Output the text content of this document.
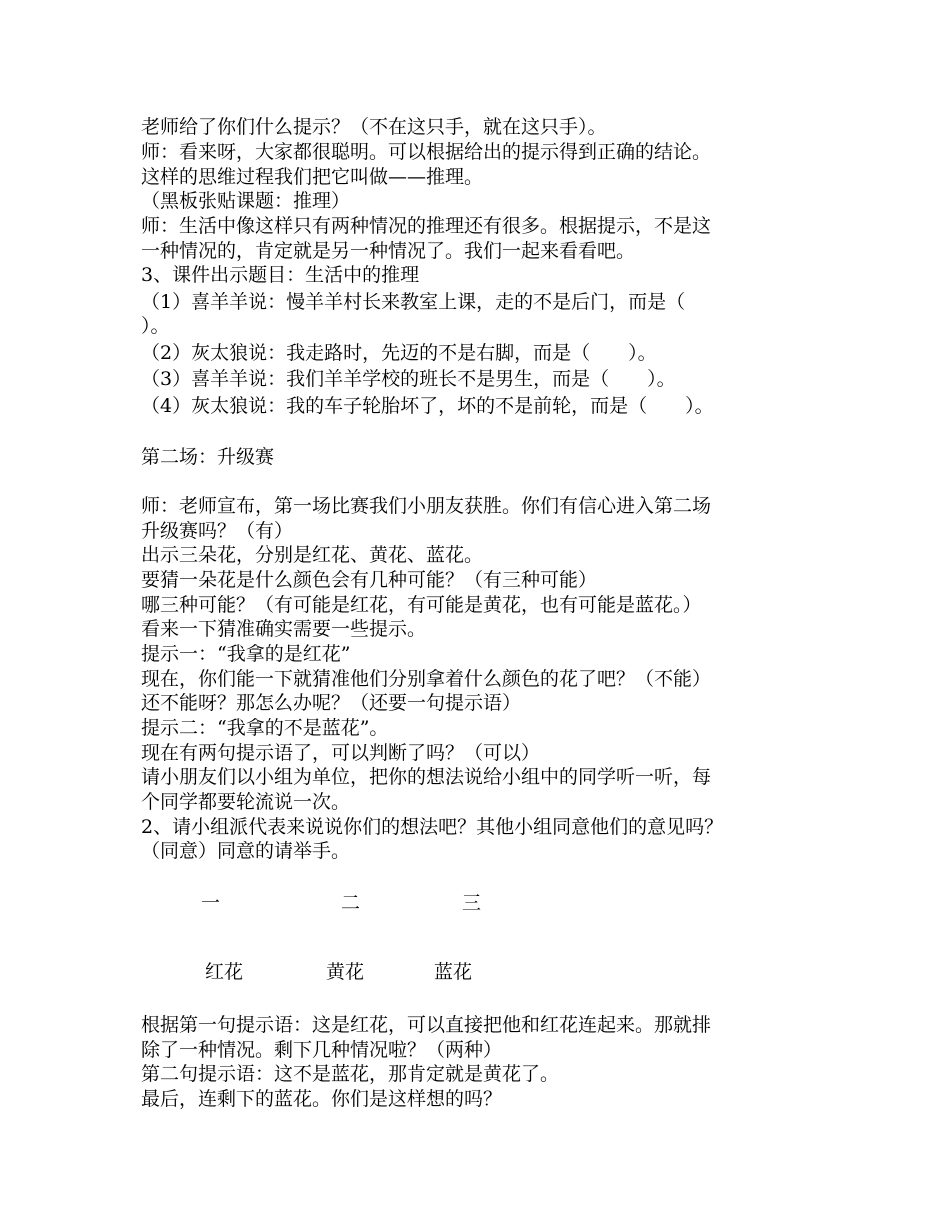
老师给了你们什么提示？（不在这只手，就在这只手）。
师：看来呀，大家都很聪明。可以根据给出的提示得到正确的结论。
这样的思维过程我们把它叫做——推理。
（黑板张贴课题：推理）
师：生活中像这样只有两种情况的推理还有很多。根据提示，不是这
一种情况的，肯定就是另一种情况了。我们一起来看看吧。
3、课件出示题目：生活中的推理
（1）喜羊羊说：慢羊羊村长来教室上课，走的不是后门，而是（
）。
（2）灰太狼说：我走路时，先迈的不是右脚，而是（　　）。
（3）喜羊羊说：我们羊羊学校的班长不是男生，而是（　　）。
（4）灰太狼说：我的车子轮胎坏了，坏的不是前轮，而是（　　）。
第二场：升级赛
师：老师宣布，第一场比赛我们小朋友获胜。你们有信心进入第二场
升级赛吗？（有）
出示三朵花，分别是红花、黄花、蓝花。
要猜一朵花是什么颜色会有几种可能？（有三种可能）
哪三种可能？（有可能是红花，有可能是黄花，也有可能是蓝花。）
看来一下猜准确实需要一些提示。
提示一：“我拿的是红花”
现在，你们能一下就猜准他们分别拿着什么颜色的花了吧？（不能）
还不能呀？那怎么办呢？（还要一句提示语）
提示二：“我拿的不是蓝花”。
现在有两句提示语了，可以判断了吗？（可以）
请小朋友们以小组为单位，把你的想法说给小组中的同学听一听，每
个同学都要轮流说一次。
2、请小组派代表来说说你们的想法吧？其他小组同意他们的意见吗？
（同意）同意的请举手。
一	二	三
红花	黄花	蓝花
根据第一句提示语：这是红花，可以直接把他和红花连起来。那就排
除了一种情况。剩下几种情况啦？（两种）
第二句提示语：这不是蓝花，那肯定就是黄花了。
最后，连剩下的蓝花。你们是这样想的吗？
